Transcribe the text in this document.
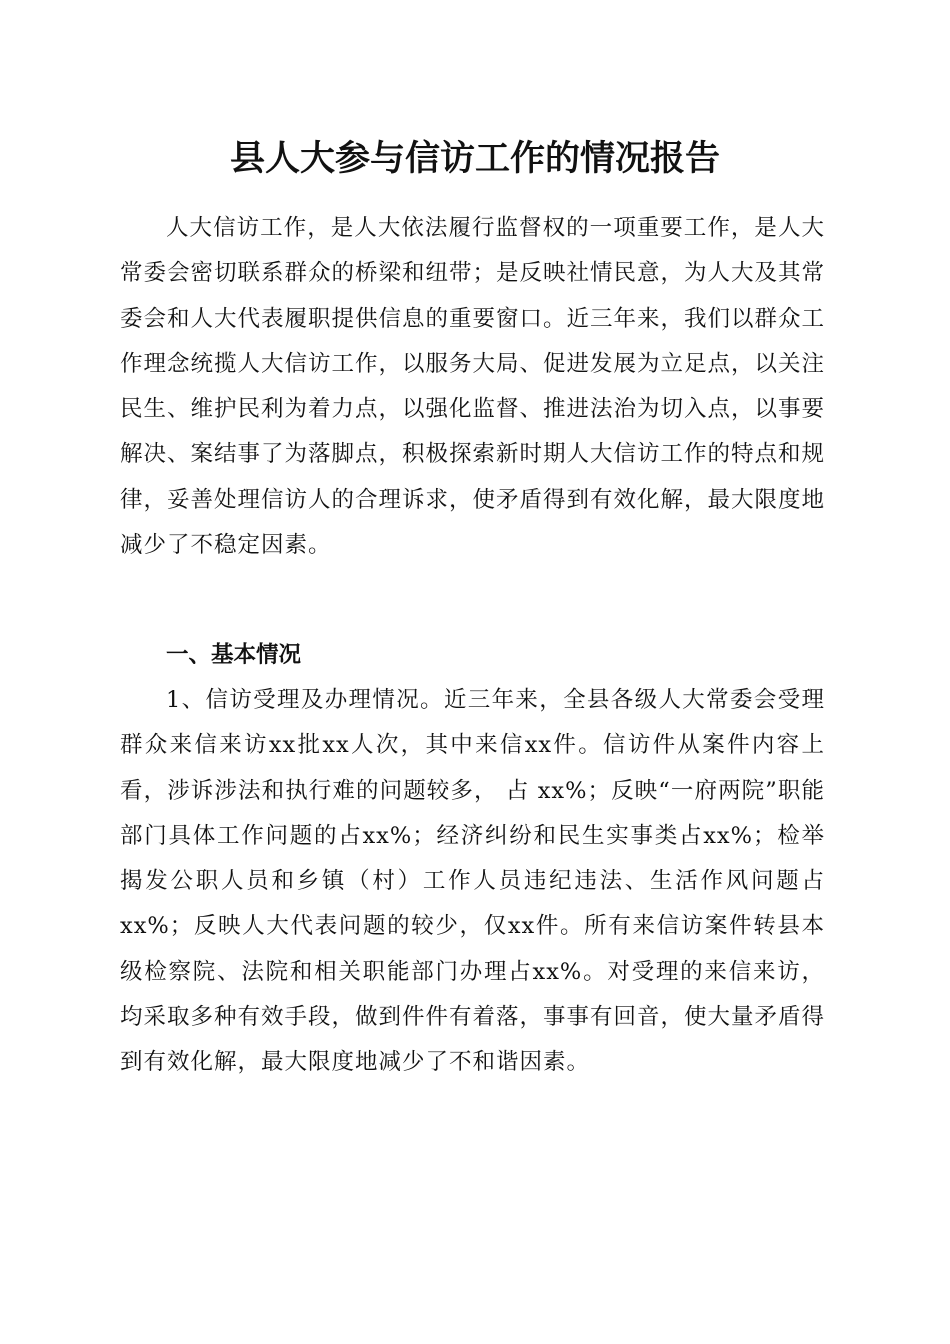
县人大参与信访工作的情况报告

人大信访工作，是人大依法履行监督权的一项重要工作，是人大常委会密切联系群众的桥梁和纽带；是反映社情民意，为人大及其常委会和人大代表履职提供信息的重要窗口。近三年来，我们以群众工作理念统揽人大信访工作，以服务大局、促进发展为立足点，以关注民生、维护民利为着力点，以强化监督、推进法治为切入点，以事要解决、案结事了为落脚点，积极探索新时期人大信访工作的特点和规律，妥善处理信访人的合理诉求，使矛盾得到有效化解，最大限度地减少了不稳定因素。

一、基本情况

1、信访受理及办理情况。近三年来，全县各级人大常委会受理群众来信来访xx批xx人次，其中来信xx件。信访件从案件内容上看，涉诉涉法和执行难的问题较多， 占 xx%；反映“一府两院”职能部门具体工作问题的占xx%；经济纠纷和民生实事类占xx%；检举揭发公职人员和乡镇（村）工作人员违纪违法、生活作风问题占xx%；反映人大代表问题的较少，仅xx件。所有来信访案件转县本级检察院、法院和相关职能部门办理占xx%。对受理的来信来访，均采取多种有效手段，做到件件有着落，事事有回音，使大量矛盾得到有效化解，最大限度地减少了不和谐因素。
